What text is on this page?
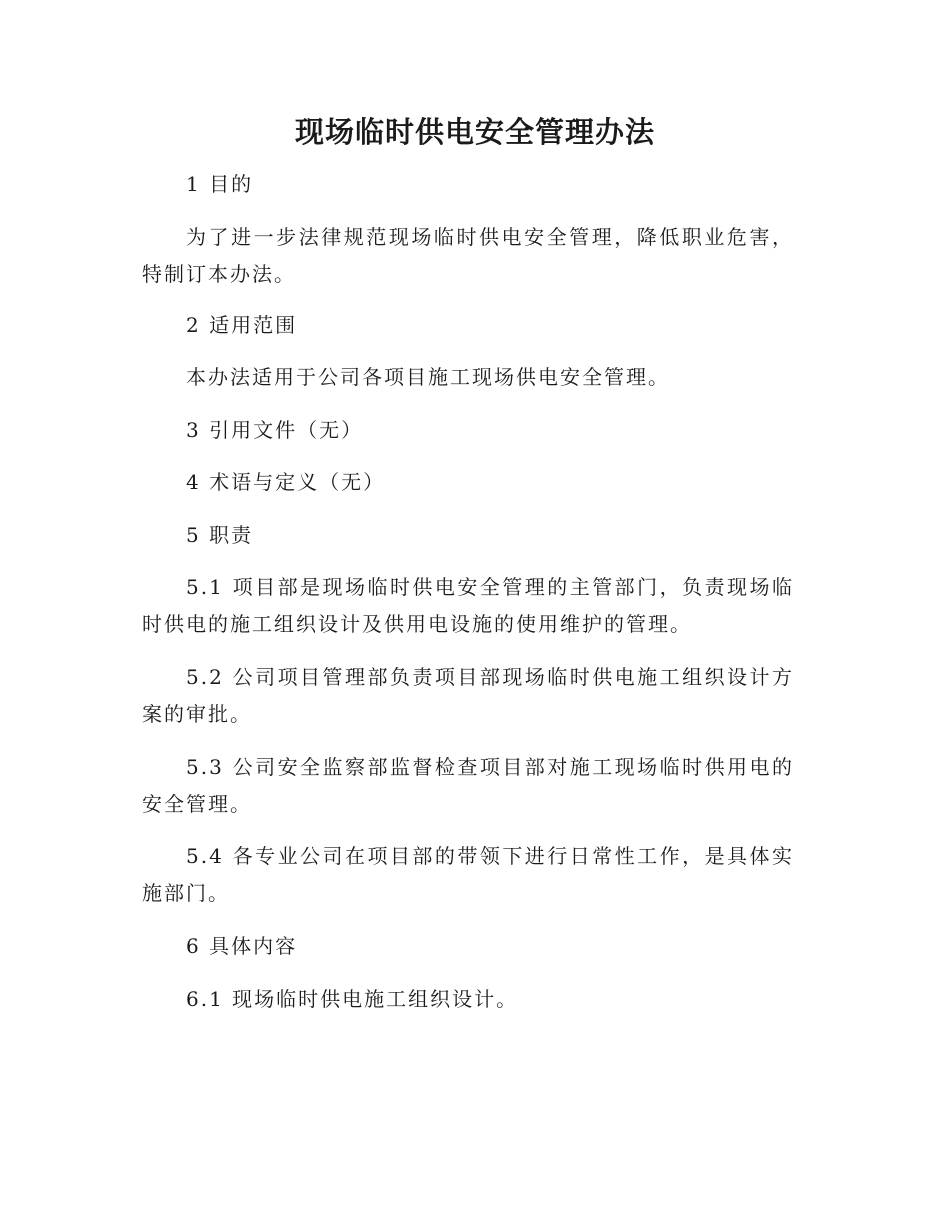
现场临时供电安全管理办法

1 目的

为了进一步法律规范现场临时供电安全管理，降低职业危害，特制订本办法。

2 适用范围

本办法适用于公司各项目施工现场供电安全管理。

3 引用文件（无）

4 术语与定义（无）

5 职责

5.1 项目部是现场临时供电安全管理的主管部门，负责现场临时供电的施工组织设计及供用电设施的使用维护的管理。

5.2 公司项目管理部负责项目部现场临时供电施工组织设计方案的审批。

5.3 公司安全监察部监督检查项目部对施工现场临时供用电的安全管理。

5.4 各专业公司在项目部的带领下进行日常性工作，是具体实施部门。

6 具体内容

6.1 现场临时供电施工组织设计。
